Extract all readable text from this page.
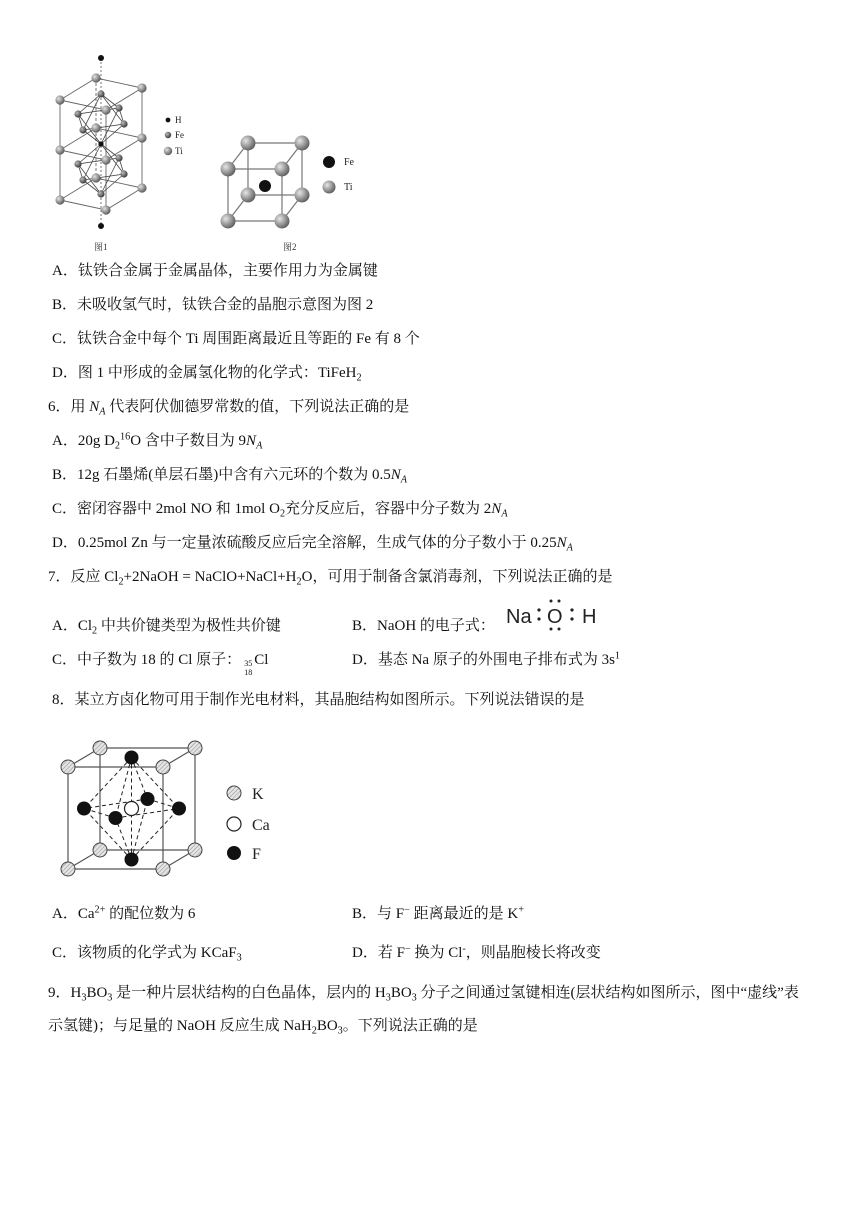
H
Fe
Ti
图1
Fe
Ti
图2
A．钛铁合金属于金属晶体，主要作用力为金属键
B．未吸收氢气时，钛铁合金的晶胞示意图为图 2
C．钛铁合金中每个 Ti 周围距离最近且等距的 Fe 有 8 个
D．图 1 中形成的金属氢化物的化学式：TiFeH$_2$
6．用 $N_A$ 代表阿伏伽德罗常数的值，下列说法正确的是
A．20g $D_2^{16}O$ 含中子数目为 $9N_A$
B．12g 石墨烯(单层石墨)中含有六元环的个数为 $0.5N_A$
C．密闭容器中 2mol NO 和 1mol $O_2$充分反应后，容器中分子数为 $2N_A$
D．0.25mol Zn 与一定量浓硫酸反应后完全溶解，生成气体的分子数小于 $0.25N_A$
7．反应 $Cl_2+2NaOH$ = $NaClO+NaCl+H_2O$，可用于制备含氯消毒剂，下列说法正确的是
A．$Cl_2$ 中共价键类型为极性共价键	B．NaOH 的电子式： Na O H
C．中子数为 18 的 Cl 原子： 35
18
Cl	D．基态 Na 原子的外围电子排布式为 $3s^1$
8．某立方卤化物可用于制作光电材料，其晶胞结构如图所示。下列说法错误的是
K
Ca
F
A．$Ca^{2+}$ 的配位数为 6	B．与 F− 距离最近的是 K+
C．该物质的化学式为 KCaF$_3$	D．若 F− 换为 Cl-，则晶胞棱长将改变
9．$H_3BO_3$ 是一种片层状结构的白色晶体，层内的 $H_3BO_3$ 分子之间通过氢键相连(层状结构如图所示，图中“虚线”表
示氢键)；与足量的 NaOH 反应生成 $NaH_2BO_3$。下列说法正确的是
